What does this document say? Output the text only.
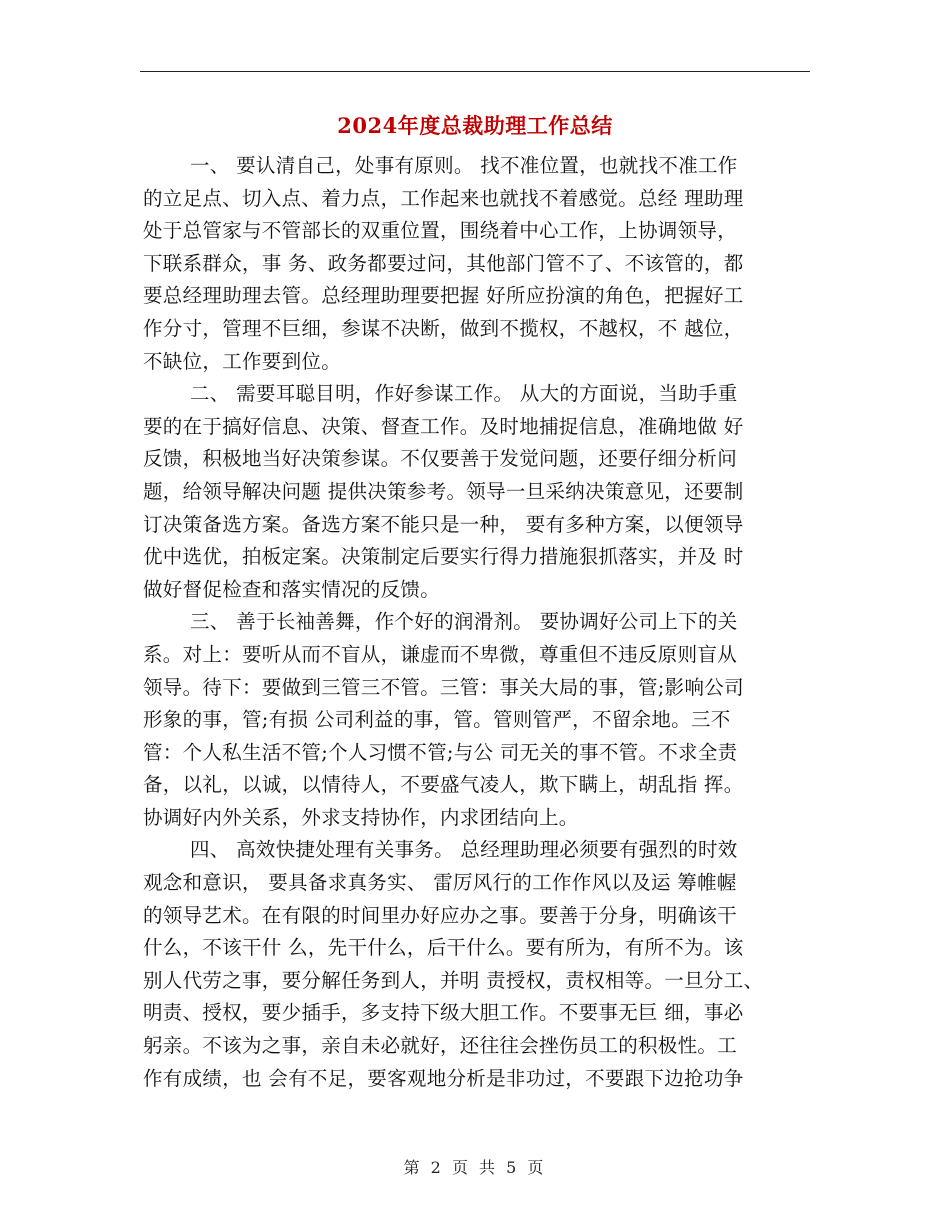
2024年度总裁助理工作总结
一、 要认清自己，处事有原则。 找不准位置，也就找不准工作
的立足点、切入点、着力点，工作起来也就找不着感觉。总经 理助理
处于总管家与不管部长的双重位置，围绕着中心工作，上协调领导，
下联系群众，事 务、政务都要过问，其他部门管不了、不该管的，都
要总经理助理去管。总经理助理要把握 好所应扮演的角色，把握好工
作分寸，管理不巨细，参谋不决断，做到不揽权，不越权，不 越位，
不缺位，工作要到位。
二、 需要耳聪目明，作好参谋工作。 从大的方面说，当助手重
要的在于搞好信息、决策、督查工作。及时地捕捉信息，准确地做 好
反馈，积极地当好决策参谋。不仅要善于发觉问题，还要仔细分析问
题，给领导解决问题 提供决策参考。领导一旦采纳决策意见，还要制
订决策备选方案。备选方案不能只是一种， 要有多种方案，以便领导
优中选优，拍板定案。决策制定后要实行得力措施狠抓落实，并及 时
做好督促检查和落实情况的反馈。
三、 善于长袖善舞，作个好的润滑剂。 要协调好公司上下的关
系。对上：要听从而不盲从，谦虚而不卑微，尊重但不违反原则盲从
领导。待下：要做到三管三不管。三管：事关大局的事，管;影响公司
形象的事，管;有损 公司利益的事，管。管则管严，不留余地。三不
管：个人私生活不管;个人习惯不管;与公 司无关的事不管。不求全责
备，以礼，以诚，以情待人，不要盛气凌人，欺下瞒上，胡乱指 挥。
协调好内外关系，外求支持协作，内求团结向上。
四、 高效快捷处理有关事务。 总经理助理必须要有强烈的时效
观念和意识， 要具备求真务实、 雷厉风行的工作作风以及运 筹帷幄
的领导艺术。在有限的时间里办好应办之事。要善于分身，明确该干
什么，不该干什 么，先干什么，后干什么。要有所为，有所不为。该
别人代劳之事，要分解任务到人，并明 责授权，责权相等。一旦分工、
明责、授权，要少插手，多支持下级大胆工作。不要事无巨 细，事必
躬亲。不该为之事，亲自未必就好，还往往会挫伤员工的积极性。工
作有成绩，也 会有不足，要客观地分析是非功过，不要跟下边抢功争
第 2 页 共 5 页
